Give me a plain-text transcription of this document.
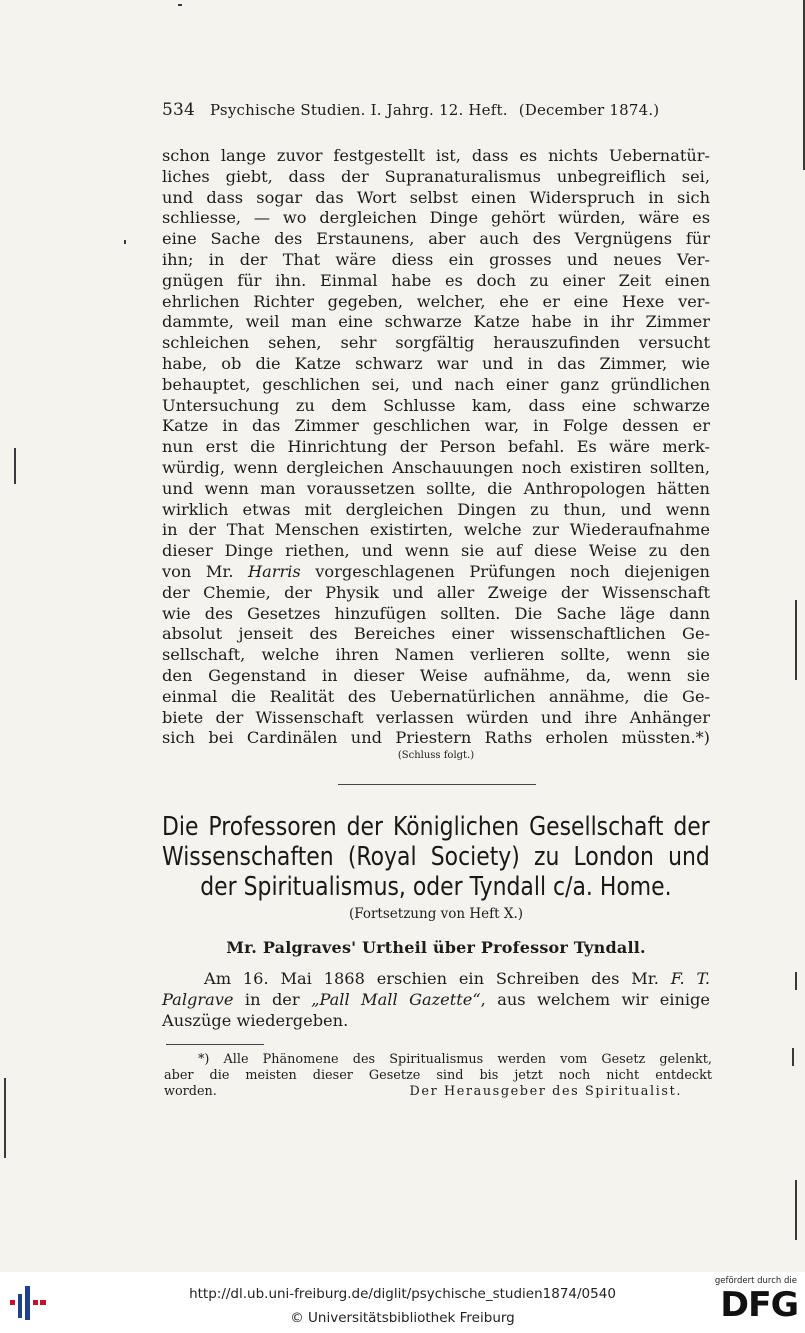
534 Psychische Studien. I. Jahrg. 12. Heft. (December 1874.)
schon lange zuvor festgestellt ist, dass es nichts Uebernatür-
liches giebt, dass der Supranaturalismus unbegreiflich sei,
und dass sogar das Wort selbst einen Widerspruch in sich
schliesse, — wo dergleichen Dinge gehört würden, wäre es
eine Sache des Erstaunens, aber auch des Vergnügens für
ihn; in der That wäre diess ein grosses und neues Ver-
gnügen für ihn. Einmal habe es doch zu einer Zeit einen
ehrlichen Richter gegeben, welcher, ehe er eine Hexe ver-
dammte, weil man eine schwarze Katze habe in ihr Zimmer
schleichen sehen, sehr sorgfältig herauszufinden versucht
habe, ob die Katze schwarz war und in das Zimmer, wie
behauptet, geschlichen sei, und nach einer ganz gründlichen
Untersuchung zu dem Schlusse kam, dass eine schwarze
Katze in das Zimmer geschlichen war, in Folge dessen er
nun erst die Hinrichtung der Person befahl. Es wäre merk-
würdig, wenn dergleichen Anschauungen noch existiren sollten,
und wenn man voraussetzen sollte, die Anthropologen hätten
wirklich etwas mit dergleichen Dingen zu thun, und wenn
in der That Menschen existirten, welche zur Wiederaufnahme
dieser Dinge riethen, und wenn sie auf diese Weise zu den
von Mr. Harris vorgeschlagenen Prüfungen noch diejenigen
der Chemie, der Physik und aller Zweige der Wissenschaft
wie des Gesetzes hinzufügen sollten. Die Sache läge dann
absolut jenseit des Bereiches einer wissenschaftlichen Ge-
sellschaft, welche ihren Namen verlieren sollte, wenn sie
den Gegenstand in dieser Weise aufnähme, da, wenn sie
einmal die Realität des Uebernatürlichen annähme, die Ge-
biete der Wissenschaft verlassen würden und ihre Anhänger
sich bei Cardinälen und Priestern Raths erholen müssten.*)
(Schluss folgt.)
Die Professoren der Königlichen Gesellschaft der
Wissenschaften (Royal Society) zu London und
der Spiritualismus, oder Tyndall c/a. Home.
(Fortsetzung von Heft X.)
Mr. Palgraves' Urtheil über Professor Tyndall.
Am 16. Mai 1868 erschien ein Schreiben des Mr. F. T.
Palgrave in der „Pall Mall Gazette“, aus welchem wir einige
Auszüge wiedergeben.
*) Alle Phänomene des Spiritualismus werden vom Gesetz gelenkt,
aber die meisten dieser Gesetze sind bis jetzt noch nicht entdeckt
worden.	Der Herausgeber des Spiritualist.
http://dl.ub.uni-freiburg.de/diglit/psychische_studien1874/0540
© Universitätsbibliothek Freiburg
gefördert durch die
DFG
